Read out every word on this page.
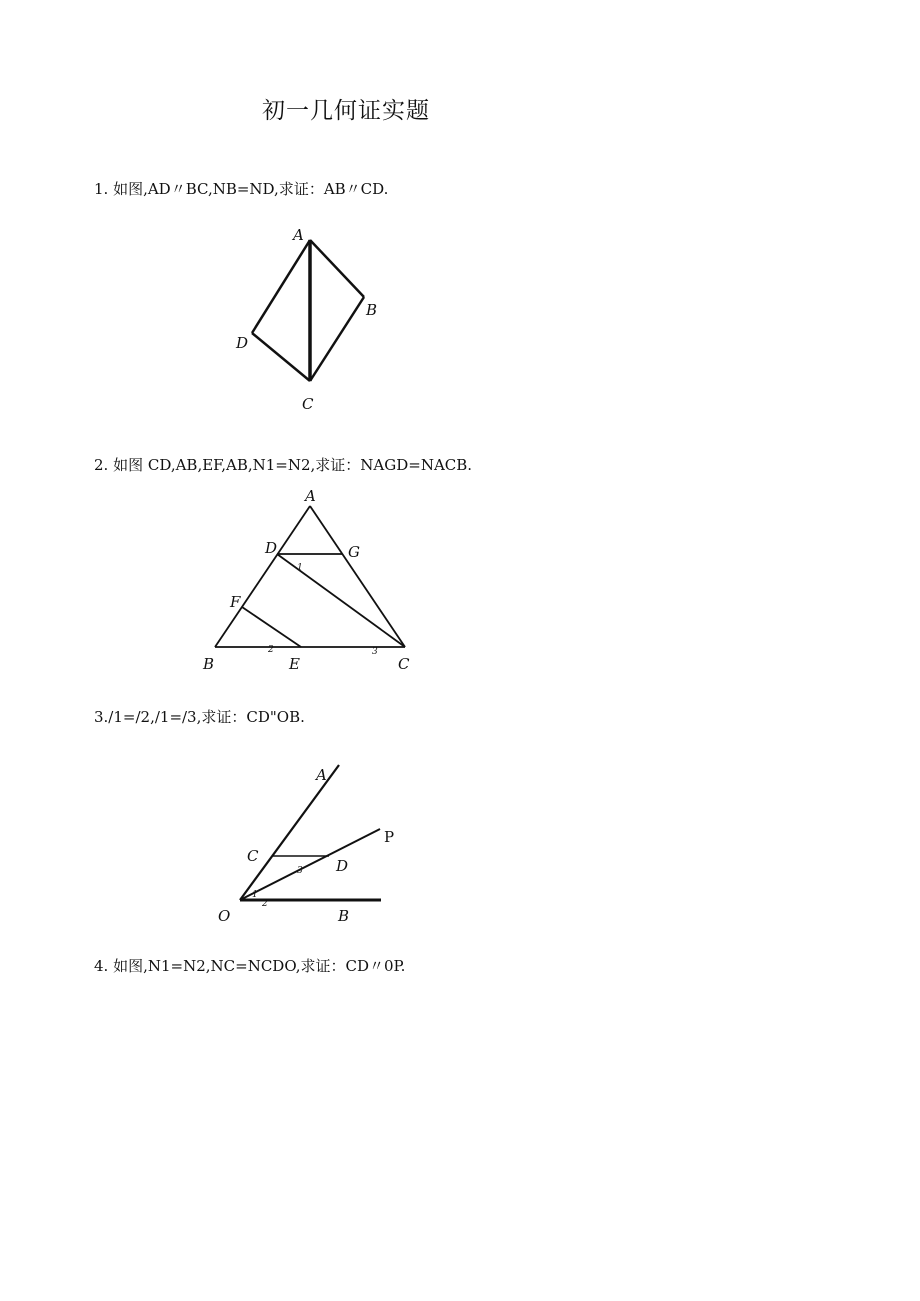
初一几何证实题
1. 如图,AD〃BC,NB=ND,求证：AB〃CD.
A
B
C
D
2. 如图 CD,AB,EF,AB,N1=N2,求证：NAGD=NACB.
A
D	G
F
B	E	C
1
2	3
3./1=/2,/1=/3,求证：CD"OB.
A
P
C
D
O	B
1
2
3
4. 如图,N1=N2,NC=NCDO,求证：CD〃0P.
